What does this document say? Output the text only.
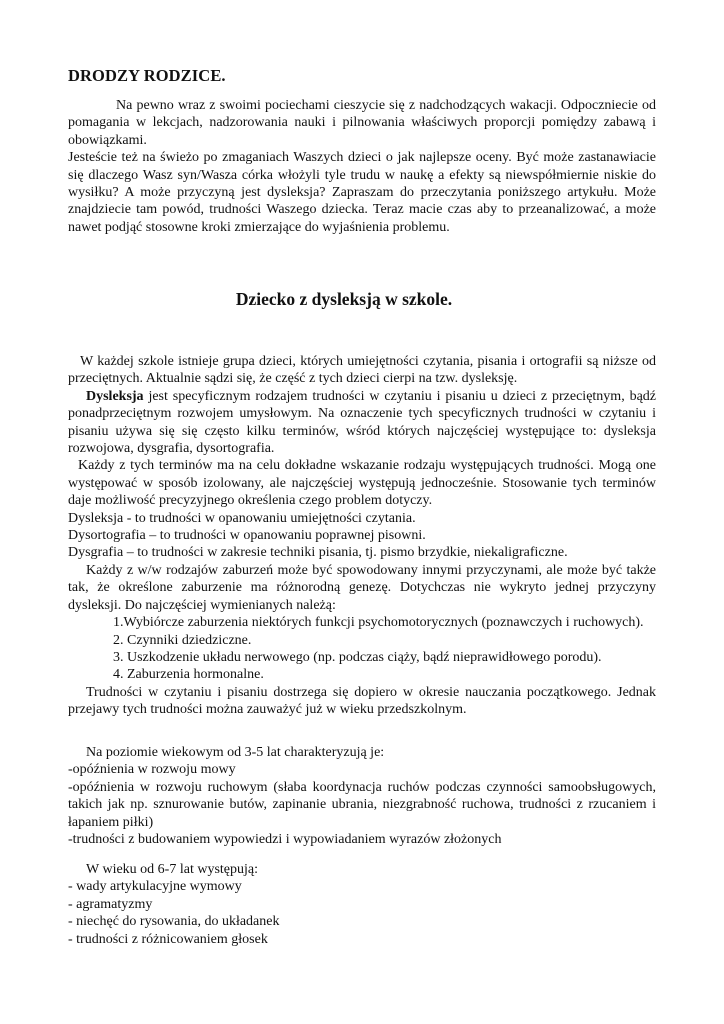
DRODZY RODZICE.

Na pewno wraz z swoimi pociechami cieszycie się z nadchodzących wakacji. Odpoczniecie od pomagania w lekcjach, nadzorowania nauki i pilnowania właściwych proporcji pomiędzy zabawą i obowiązkami.

Jesteście też na świeżo po zmaganiach Waszych dzieci o jak najlepsze oceny. Być może zastanawiacie się dlaczego Wasz syn/Wasza córka włożyli tyle trudu w naukę a efekty są niewspółmiernie niskie do wysiłku? A może przyczyną jest dysleksja? Zapraszam do przeczytania poniższego artykułu. Może znajdziecie tam powód, trudności Waszego dziecka. Teraz macie czas aby to przeanalizować, a może nawet podjąć stosowne kroki zmierzające do wyjaśnienia problemu.

Dziecko z dysleksją w szkole.

W każdej szkole istnieje grupa dzieci, których umiejętności czytania, pisania i ortografii są niższe od przeciętnych. Aktualnie sądzi się, że część z tych dzieci cierpi na tzw. dysleksję.

Dysleksja jest specyficznym rodzajem trudności w czytaniu i pisaniu u dzieci z przeciętnym, bądź ponadprzeciętnym rozwojem umysłowym. Na oznaczenie tych specyficznych trudności w czytaniu i pisaniu używa się się często kilku terminów, wśród których najczęściej występujące to: dysleksja rozwojowa, dysgrafia, dysortografia.

Każdy z tych terminów ma na celu dokładne wskazanie rodzaju występujących trudności. Mogą one występować w sposób izolowany, ale najczęściej występują jednocześnie. Stosowanie tych terminów daje możliwość precyzyjnego określenia czego problem dotyczy.

Dysleksja - to trudności w opanowaniu umiejętności czytania.

Dysortografia – to trudności w opanowaniu poprawnej pisowni.

Dysgrafia – to trudności w zakresie techniki pisania, tj. pismo brzydkie, niekaligraficzne.

Każdy z w/w rodzajów zaburzeń może być spowodowany innymi przyczynami, ale może być także tak, że określone zaburzenie ma różnorodną genezę. Dotychczas nie wykryto jednej przyczyny dysleksji. Do najczęściej wymienianych należą:

1.Wybiórcze zaburzenia niektórych funkcji psychomotorycznych (poznawczych i ruchowych).
2. Czynniki dziedziczne.
3. Uszkodzenie układu nerwowego (np. podczas ciąży, bądź nieprawidłowego porodu).
4. Zaburzenia hormonalne.

Trudności w czytaniu i pisaniu dostrzega się dopiero w okresie nauczania początkowego. Jednak przejawy tych trudności można zauważyć już w wieku przedszkolnym.

Na poziomie wiekowym od 3-5 lat charakteryzują je:

-opóźnienia w rozwoju mowy

-opóźnienia w rozwoju ruchowym (słaba koordynacja ruchów podczas czynności samoobsługowych, takich jak np. sznurowanie butów, zapinanie ubrania, niezgrabność ruchowa, trudności z rzucaniem i łapaniem piłki)

-trudności z budowaniem wypowiedzi i wypowiadaniem wyrazów złożonych

W wieku od 6-7 lat występują:

- wady artykulacyjne wymowy

- agramatyzmy

- niechęć do rysowania, do układanek

- trudności z różnicowaniem głosek
